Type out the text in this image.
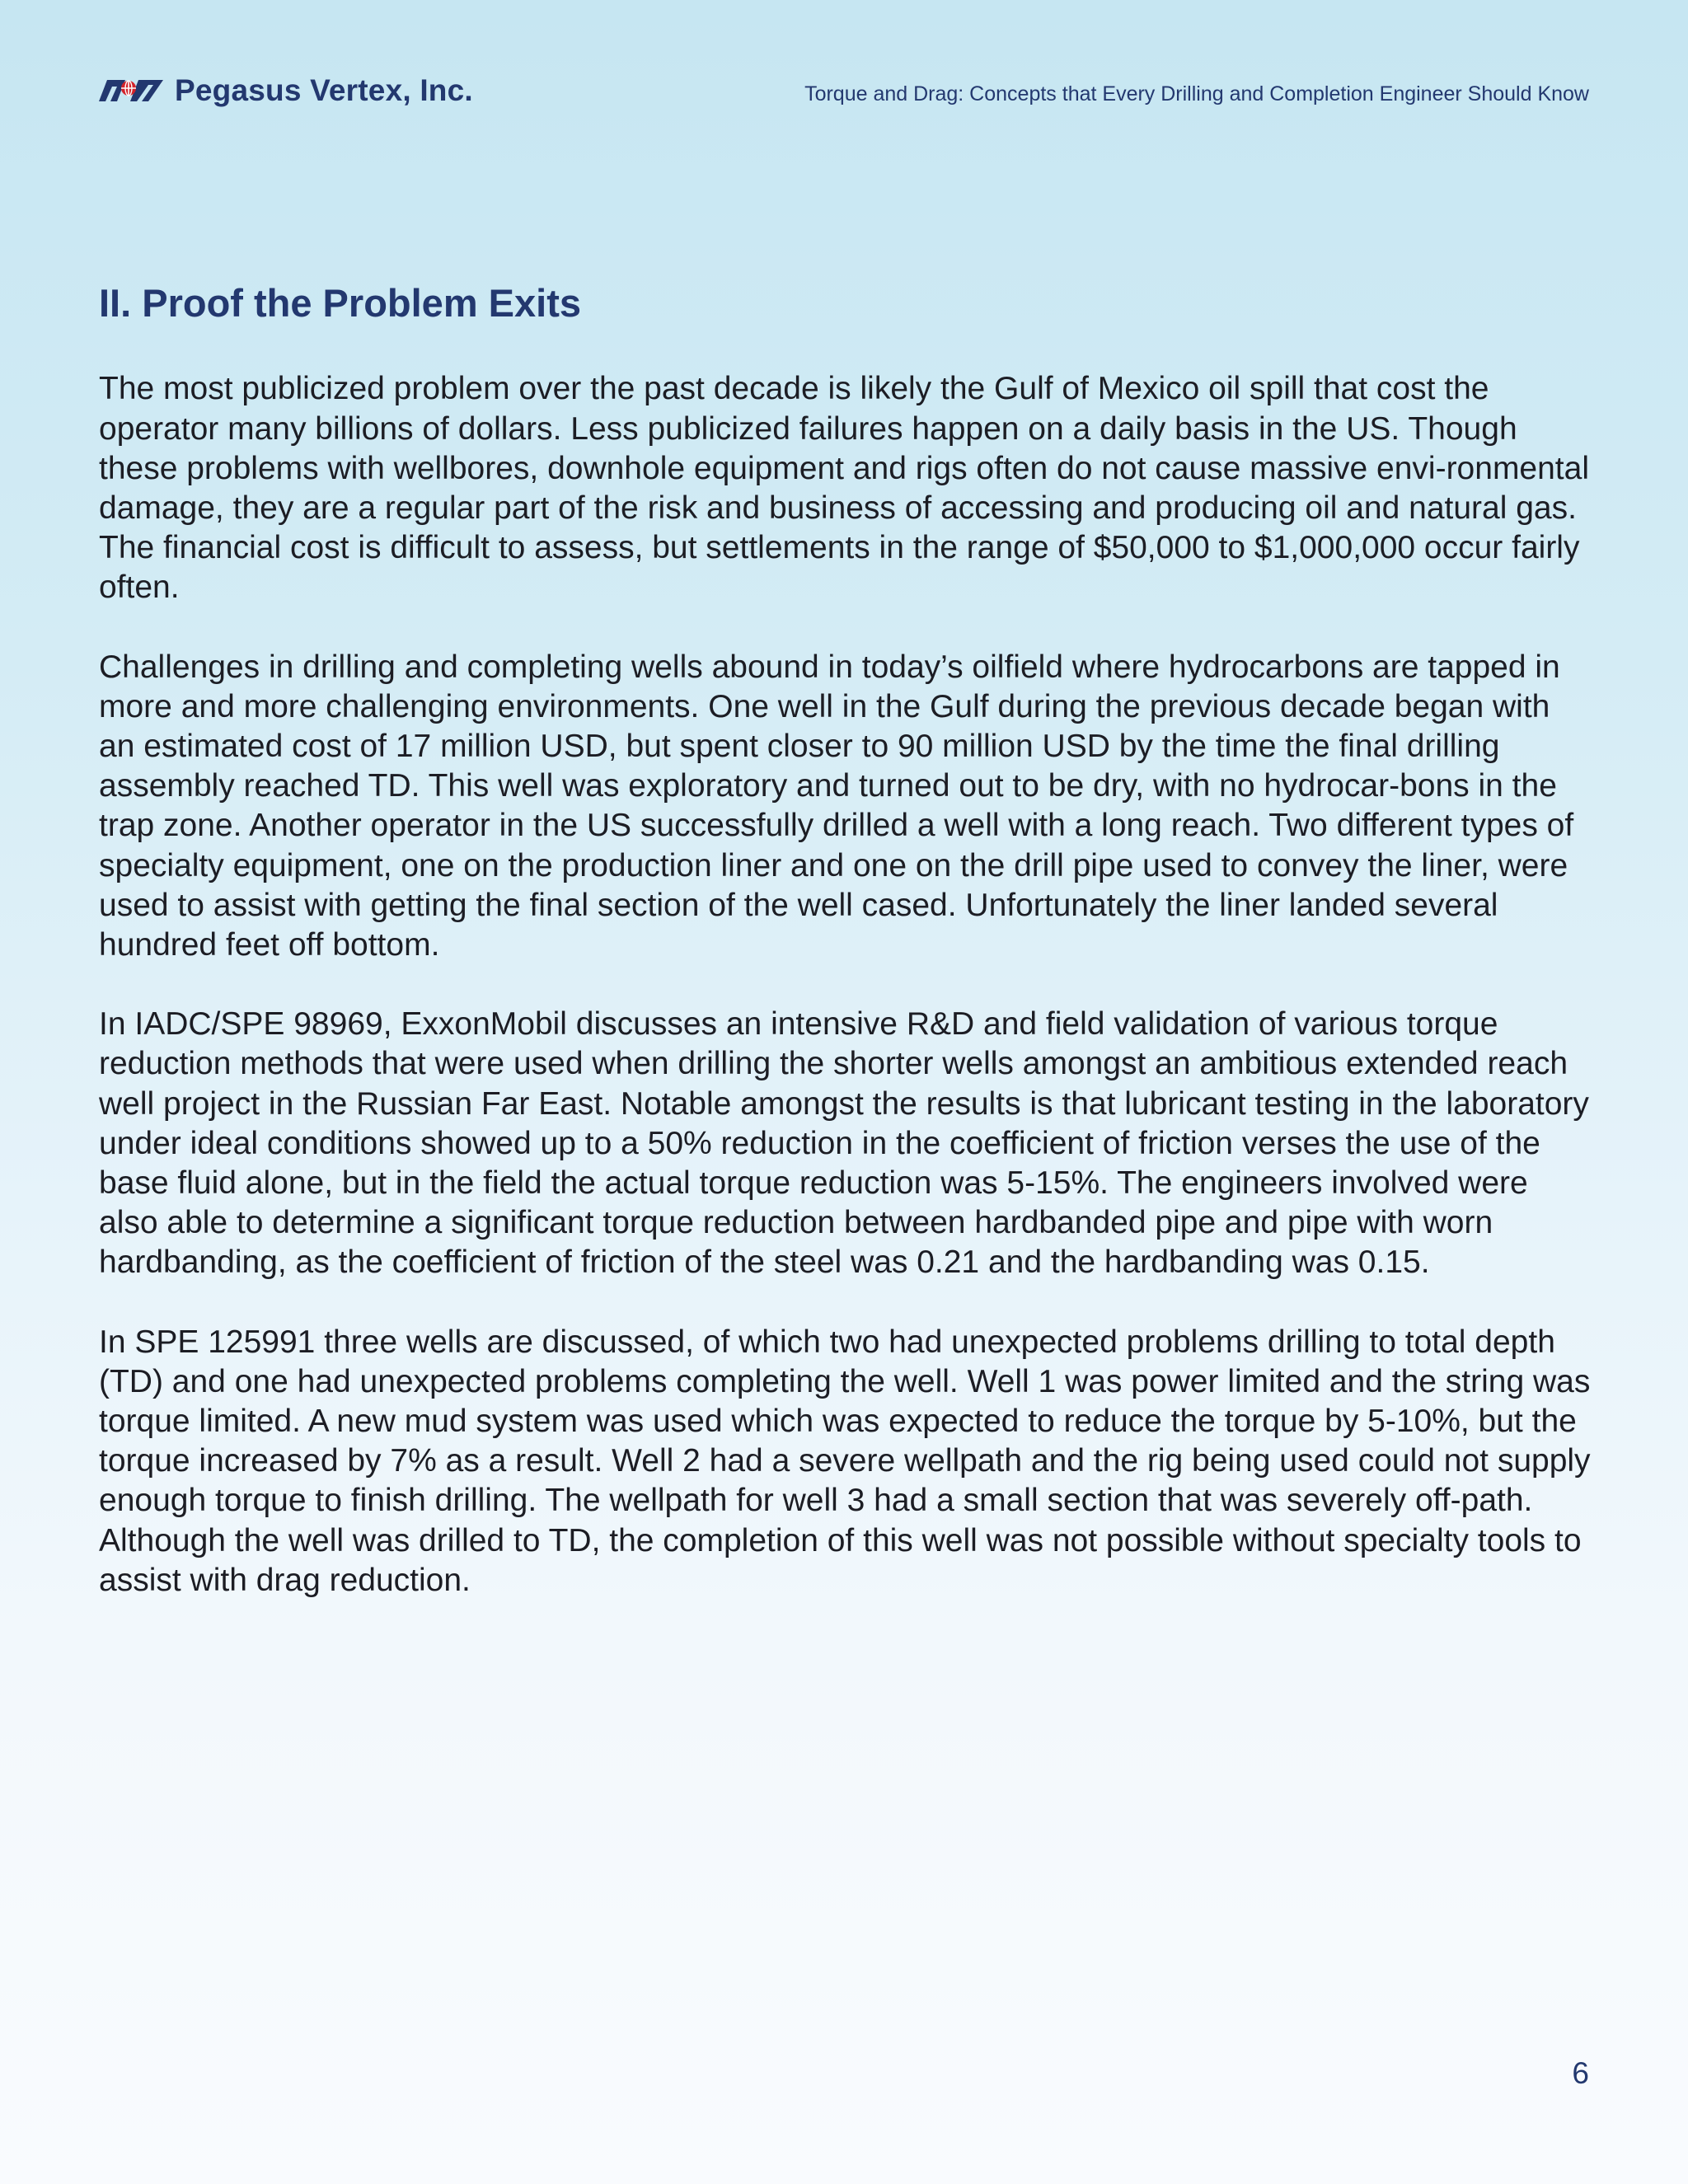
Pegasus Vertex, Inc.	Torque and Drag: Concepts that Every Drilling and Completion Engineer Should Know
II. Proof the Problem Exits

The most publicized problem over the past decade is likely the Gulf of Mexico oil spill that cost the operator many billions of dollars. Less publicized failures happen on a daily basis in the US. Though these problems with wellbores, downhole equipment and rigs often do not cause massive envi-ronmental damage, they are a regular part of the risk and business of accessing and producing oil and natural gas. The financial cost is difficult to assess, but settlements in the range of $50,000 to $1,000,000 occur fairly often.

Challenges in drilling and completing wells abound in today’s oilfield where hydrocarbons are tapped in more and more challenging environments. One well in the Gulf during the previous decade began with an estimated cost of 17 million USD, but spent closer to 90 million USD by the time the final drilling assembly reached TD. This well was exploratory and turned out to be dry, with no hydrocar-bons in the trap zone. Another operator in the US successfully drilled a well with a long reach. Two different types of specialty equipment, one on the production liner and one on the drill pipe used to convey the liner, were used to assist with getting the final section of the well cased. Unfortunately the liner landed several hundred feet off bottom.

In IADC/SPE 98969, ExxonMobil discusses an intensive R&D and field validation of various torque reduction methods that were used when drilling the shorter wells amongst an ambitious extended reach well project in the Russian Far East. Notable amongst the results is that lubricant testing in the laboratory under ideal conditions showed up to a 50% reduction in the coefficient of friction verses the use of the base fluid alone, but in the field the actual torque reduction was 5-15%. The engineers involved were also able to determine a significant torque reduction between hardbanded pipe and pipe with worn hardbanding, as the coefficient of friction of the steel was 0.21 and the hardbanding was 0.15.

In SPE 125991 three wells are discussed, of which two had unexpected problems drilling to total depth (TD) and one had unexpected problems completing the well. Well 1 was power limited and the string was torque limited. A new mud system was used which was expected to reduce the torque by 5-10%, but the torque increased by 7% as a result. Well 2 had a severe wellpath and the rig being used could not supply enough torque to finish drilling. The wellpath for well 3 had a small section that was severely off-path. Although the well was drilled to TD, the completion of this well was not possible without specialty tools to assist with drag reduction.

6
